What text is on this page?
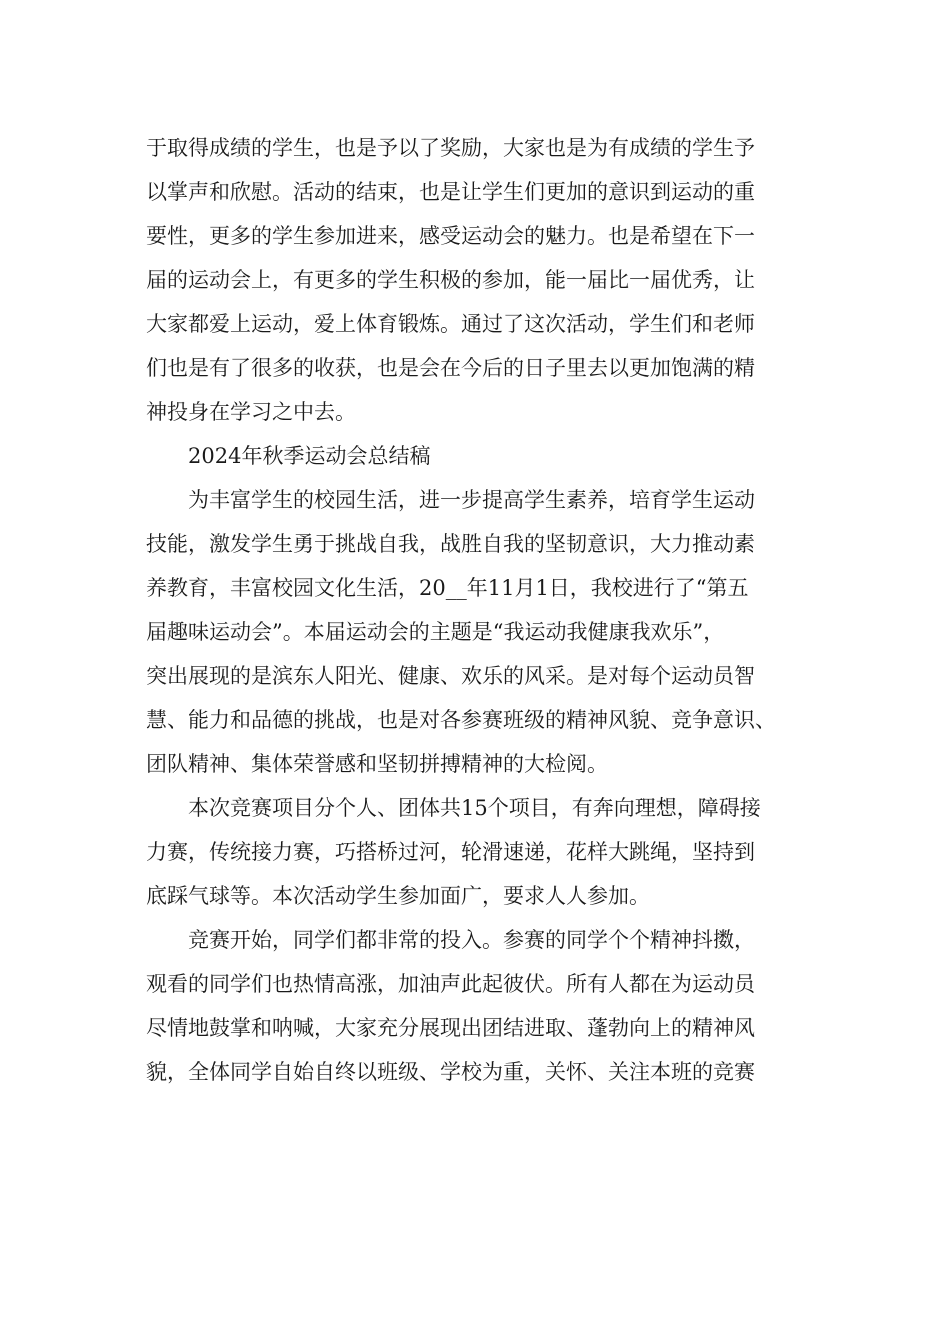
于取得成绩的学生，也是予以了奖励，大家也是为有成绩的学生予
以掌声和欣慰。活动的结束，也是让学生们更加的意识到运动的重
要性，更多的学生参加进来，感受运动会的魅力。也是希望在下一
届的运动会上，有更多的学生积极的参加，能一届比一届优秀，让
大家都爱上运动，爱上体育锻炼。通过了这次活动，学生们和老师
们也是有了很多的收获，也是会在今后的日子里去以更加饱满的精
神投身在学习之中去。
2024年秋季运动会总结稿
为丰富学生的校园生活，进一步提高学生素养，培育学生运动
技能，激发学生勇于挑战自我，战胜自我的坚韧意识，大力推动素
养教育，丰富校园文化生活，20__年11月1日，我校进行了“第五
届趣味运动会”。本届运动会的主题是“我运动我健康我欢乐”，
突出展现的是滨东人阳光、健康、欢乐的风采。是对每个运动员智
慧、能力和品德的挑战，也是对各参赛班级的精神风貌、竞争意识、
团队精神、集体荣誉感和坚韧拼搏精神的大检阅。
本次竞赛项目分个人、团体共15个项目，有奔向理想，障碍接
力赛，传统接力赛，巧搭桥过河，轮滑速递，花样大跳绳，坚持到
底踩气球等。本次活动学生参加面广，要求人人参加。
竞赛开始，同学们都非常的投入。参赛的同学个个精神抖擞，
观看的同学们也热情高涨，加油声此起彼伏。所有人都在为运动员
尽情地鼓掌和呐喊，大家充分展现出团结进取、蓬勃向上的精神风
貌，全体同学自始自终以班级、学校为重，关怀、关注本班的竞赛
